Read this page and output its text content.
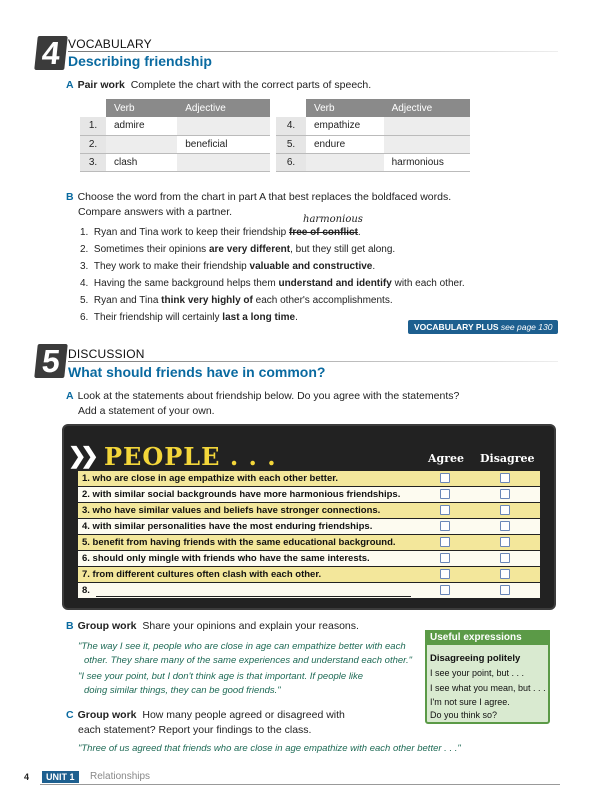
4 VOCABULARY
Describing friendship
A Pair work Complete the chart with the correct parts of speech.
	Verb	Adjective
1.	admire	
2.		beneficial
3.	clash	
	Verb	Adjective
4.	empathize	
5.	endure	
6.		harmonious
B Choose the word from the chart in part A that best replaces the boldfaced words.
Compare answers with a partner.
harmonious
1. Ryan and Tina work to keep their friendship free of conflict.
2. Sometimes their opinions are very different, but they still get along.
3. They work to make their friendship valuable and constructive.
4. Having the same background helps them understand and identify with each other.
5. Ryan and Tina think very highly of each other's accomplishments.
6. Their friendship will certainly last a long time.
VOCABULARY PLUS see page 130
5 DISCUSSION
What should friends have in common?
A Look at the statements about friendship below. Do you agree with the statements?
Add a statement of your own.
❯❯ PEOPLE . . .	Agree Disagree
1. who are close in age empathize with each other better.
2. with similar social backgrounds have more harmonious friendships.
3. who have similar values and beliefs have stronger connections.
4. with similar personalities have the most enduring friendships.
5. benefit from having friends with the same educational background.
6. should only mingle with friends who have the same interests.
7. from different cultures often clash with each other.
8.
B Group work Share your opinions and explain your reasons.
"The way I see it, people who are close in age can empathize better with each
other. They share many of the same experiences and understand each other."
"I see your point, but I don't think age is that important. If people like
doing similar things, they can be good friends."
C Group work How many people agreed or disagreed with
each statement? Report your findings to the class.
"Three of us agreed that friends who are close in age empathize with each other better . . ."
Useful expressions
Disagreeing politely
I see your point, but . . .
I see what you mean, but . . .
I'm not sure I agree.
Do you think so?
4	UNIT 1	Relationships
